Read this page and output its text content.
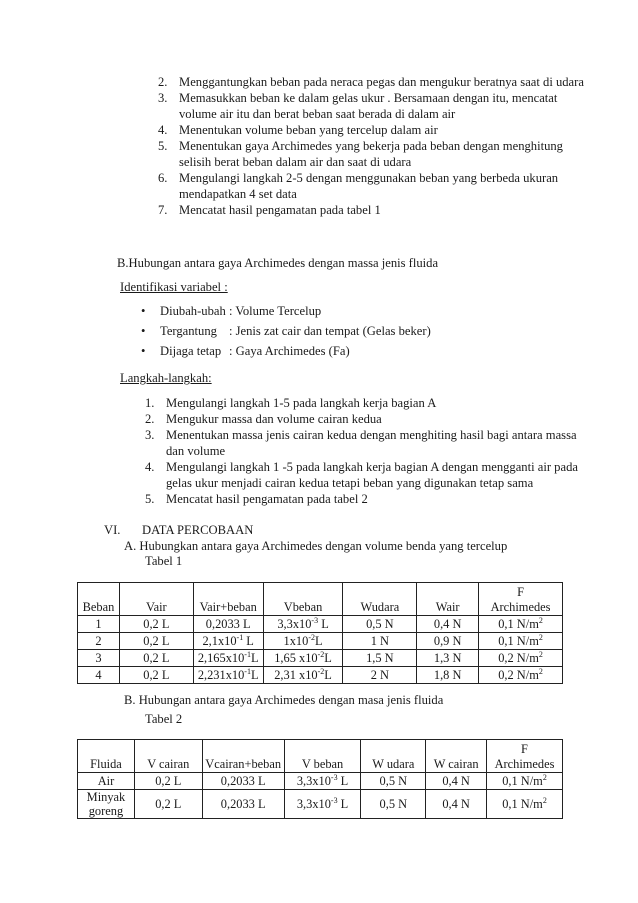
2. Menggantungkan beban pada neraca pegas dan mengukur beratnya saat di udara
3. Memasukkan beban ke dalam gelas ukur . Bersamaan dengan itu, mencatat
volume air itu dan berat beban saat berada di dalam air
4. Menentukan volume beban yang tercelup dalam air
5. Menentukan gaya Archimedes yang bekerja pada beban dengan menghitung
selisih berat beban dalam air dan saat di udara
6. Mengulangi langkah 2-5 dengan menggunakan beban yang berbeda ukuran
mendapatkan 4 set data
7. Mencatat hasil pengamatan pada tabel 1
B.Hubungan antara gaya Archimedes dengan massa jenis fluida
Identifikasi variabel :
• Diubah-ubah : Volume Tercelup
• Tergantung : Jenis zat cair dan tempat (Gelas beker)
• Dijaga tetap : Gaya Archimedes (Fa)
Langkah-langkah:
1. Mengulangi langkah 1-5 pada langkah kerja bagian A
2. Mengukur massa dan volume cairan kedua
3. Menentukan massa jenis cairan kedua dengan menghiting hasil bagi antara massa
dan volume
4. Mengulangi langkah 1 -5 pada langkah kerja bagian A dengan mengganti air pada
gelas ukur menjadi cairan kedua tetapi beban yang digunakan tetap sama
5. Mencatat hasil pengamatan pada tabel 2
VI. DATA PERCOBAAN
A. Hubungkan antara gaya Archimedes dengan volume benda yang tercelup
Tabel 1
Beban	Vair	Vair+beban	Vbeban	Wudara	Wair	F
Archimedes
1	0,2 L	0,2033 L	$3,3x10^{-3}$ L	0,5 N	0,4 N	0,1 $N/m^2$
2	0,2 L	$2,1x10^{-1}$ L	$1x10^{-2}L$	1 N	0,9 N	0,1 $N/m^2$
3	0,2 L	$2,165x10^{-1}L$	1,65 $x10^{-2}L$	1,5 N	1,3 N	0,2 $N/m^2$
4	0,2 L	$2,231x10^{-1}L$	2,31 $x10^{-2}L$	2 N	1,8 N	0,2 $N/m^2$
B. Hubungan antara gaya Archimedes dengan masa jenis fluida
Tabel 2
Fluida	V cairan	Vcairan+beban	V beban	W udara	W cairan	F
Archimedes
Air	0,2 L	0,2033 L	$3,3x10^{-3}$ L	0,5 N	0,4 N	0,1 $N/m^2$
Minyak
goreng	0,2 L	0,2033 L	$3,3x10^{-3}$ L	0,5 N	0,4 N	0,1 $N/m^2$
